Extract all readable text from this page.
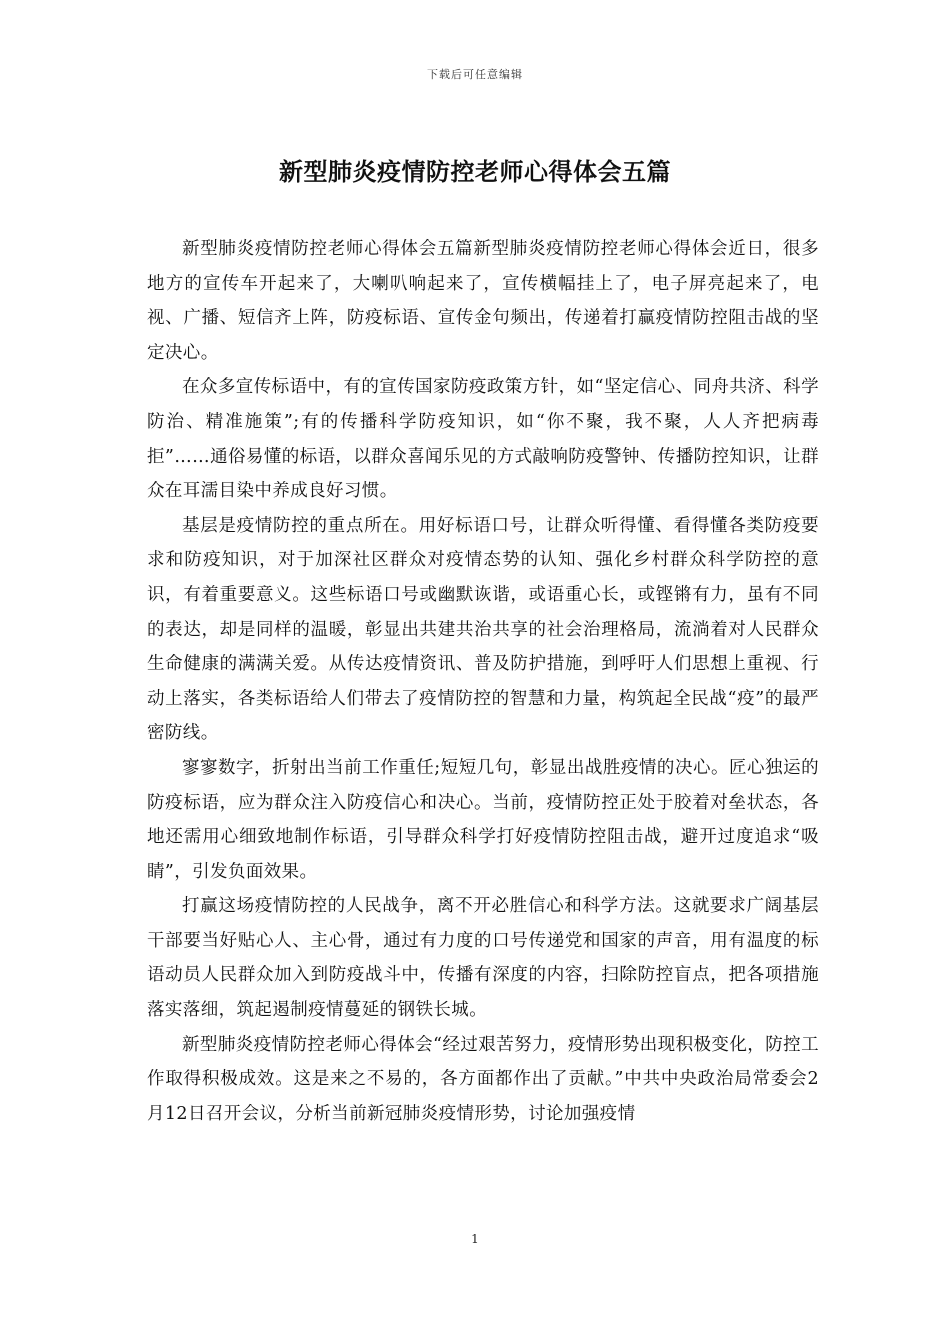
下载后可任意编辑
新型肺炎疫情防控老师心得体会五篇

新型肺炎疫情防控老师心得体会五篇新型肺炎疫情防控老师心得体会近日，很多地方的宣传车开起来了，大喇叭响起来了，宣传横幅挂上了，电子屏亮起来了，电视、广播、短信齐上阵，防疫标语、宣传金句频出，传递着打赢疫情防控阻击战的坚定决心。

在众多宣传标语中，有的宣传国家防疫政策方针，如“坚定信心、同舟共济、科学防治、精准施策”;有的传播科学防疫知识，如“你不聚，我不聚，人人齐把病毒拒”……通俗易懂的标语，以群众喜闻乐见的方式敲响防疫警钟、传播防控知识，让群众在耳濡目染中养成良好习惯。

基层是疫情防控的重点所在。用好标语口号，让群众听得懂、看得懂各类防疫要求和防疫知识，对于加深社区群众对疫情态势的认知、强化乡村群众科学防控的意识，有着重要意义。这些标语口号或幽默诙谐，或语重心长，或铿锵有力，虽有不同的表达，却是同样的温暖，彰显出共建共治共享的社会治理格局，流淌着对人民群众生命健康的满满关爱。从传达疫情资讯、普及防护措施，到呼吁人们思想上重视、行动上落实，各类标语给人们带去了疫情防控的智慧和力量，构筑起全民战“疫”的最严密防线。

寥寥数字，折射出当前工作重任;短短几句，彰显出战胜疫情的决心。匠心独运的防疫标语，应为群众注入防疫信心和决心。当前，疫情防控正处于胶着对垒状态，各地还需用心细致地制作标语，引导群众科学打好疫情防控阻击战，避开过度追求“吸睛”，引发负面效果。

打赢这场疫情防控的人民战争，离不开必胜信心和科学方法。这就要求广阔基层干部要当好贴心人、主心骨，通过有力度的口号传递党和国家的声音，用有温度的标语动员人民群众加入到防疫战斗中，传播有深度的内容，扫除防控盲点，把各项措施落实落细，筑起遏制疫情蔓延的钢铁长城。

新型肺炎疫情防控老师心得体会“经过艰苦努力，疫情形势出现积极变化，防控工作取得积极成效。这是来之不易的，各方面都作出了贡献。”中共中央政治局常委会2月12日召开会议，分析当前新冠肺炎疫情形势，讨论加强疫情

1
